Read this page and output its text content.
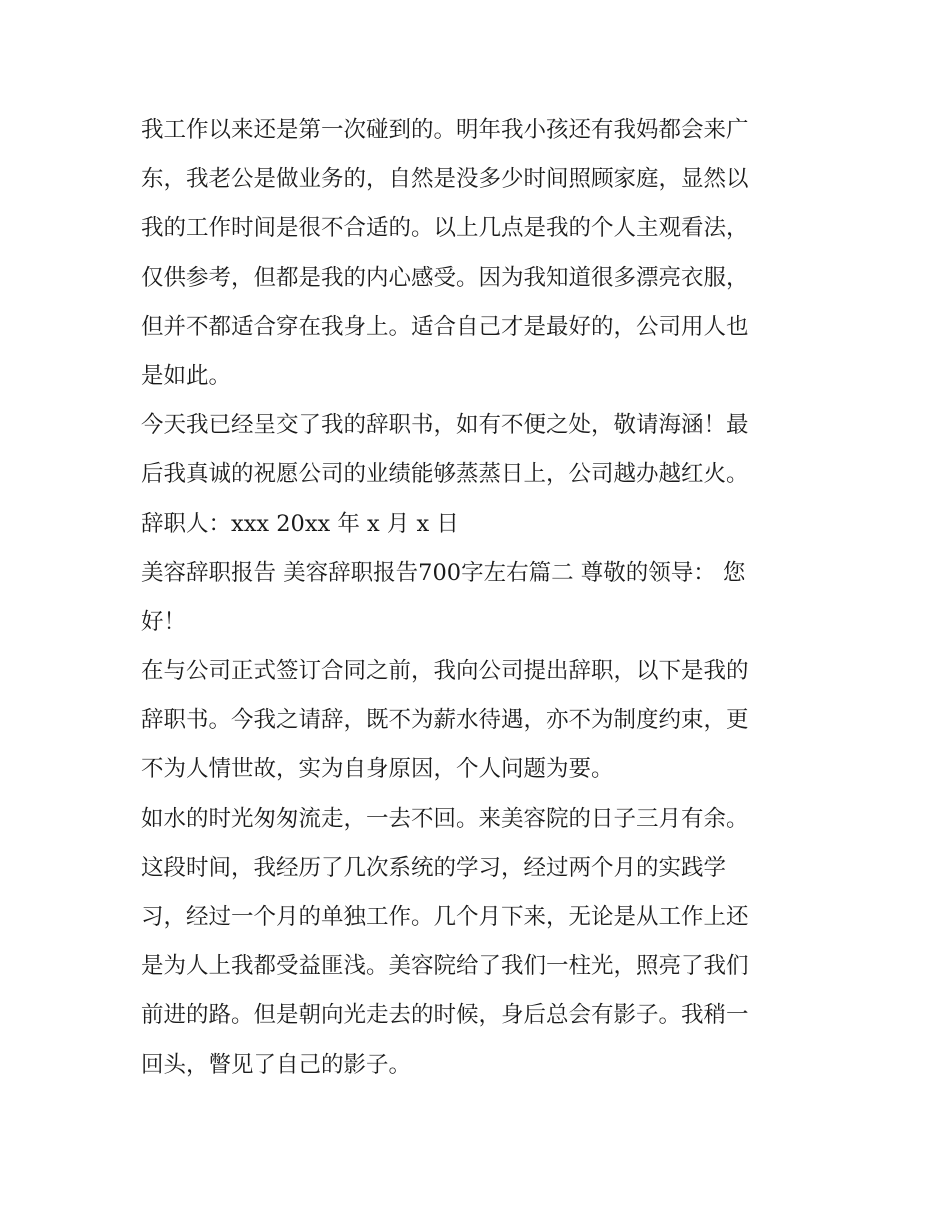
我工作以来还是第一次碰到的。明年我小孩还有我妈都会来广
东，我老公是做业务的，自然是没多少时间照顾家庭，显然以
我的工作时间是很不合适的。以上几点是我的个人主观看法，
仅供参考，但都是我的内心感受。因为我知道很多漂亮衣服，
但并不都适合穿在我身上。适合自己才是最好的，公司用人也
是如此。
今天我已经呈交了我的辞职书，如有不便之处，敬请海涵！最
后我真诚的祝愿公司的业绩能够蒸蒸日上，公司越办越红火。
辞职人：xxx 20xx 年 x 月 x 日
美容辞职报告 美容辞职报告700字左右篇二 尊敬的领导： 您
好！
在与公司正式签订合同之前，我向公司提出辞职，以下是我的
辞职书。今我之请辞，既不为薪水待遇，亦不为制度约束，更
不为人情世故，实为自身原因，个人问题为要。
如水的时光匆匆流走，一去不回。来美容院的日子三月有余。
这段时间，我经历了几次系统的学习，经过两个月的实践学
习，经过一个月的单独工作。几个月下来，无论是从工作上还
是为人上我都受益匪浅。美容院给了我们一柱光，照亮了我们
前进的路。但是朝向光走去的时候，身后总会有影子。我稍一
回头，瞥见了自己的影子。
